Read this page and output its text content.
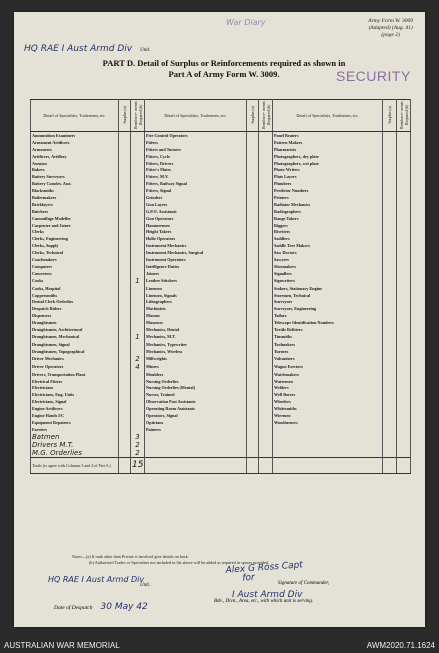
War Diary	Army Form W. 3009
(Adapted) (Aug. 41)
(page 2)
HQ RAE I Aust Armd Div Unit.
PART D. Detail of Surplus or Reinforcements required as shown in
Part A of Army Form W. 3009.	SECURITY
Detail of Specialists, Tradesmen, etc.	Surplus (a)	Reinforce- ments Required (b)	Detail of Specialists, Tradesmen, etc.	Surplus (a)	Reinforce- ments Required (b)	Detail of Specialists, Tradesmen, etc.	Surplus (a)	Reinforce- ments Required (b)
Ammunition Examiners			Fire Control Operators			Panel Beaters		
Armament Artificers			Fitters			Pattern Makers		
Armourers			Fitters and Turners			Pharmacists		
Artificers, Artillery			Fitters, Cycle			Photographers, dry plate		
Axemen			Fitters, Drivers			Photographers, wet plate		
Bakers			Fitter's Mates			Photo-Writers		
Battery Surveyors			Fitters, M.V.			Plate Layers		
Battery Comdrs. Asst.			Fitters, Railway Signal			Plumbers		
Blacksmiths			Fitters, Signal			Predictor Numbers		
Boilermakers			Grinders			Printers		
Bricklayers			Gun Layers			Radiator Mechanics		
Butchers			G.P.O. Assistants			Radiographers		
Camouflage Modeller			Gun Operators			Range Takers		
Carpenter and Joiner			Hammermen			Riggers		
Clerks			Height Takers			Rivetters		
Clerks, Engineering			Hollo Operators			Saddlers		
Clerks, Supply			Instrument Mechanics			Saddle Tree Makers		
Clerks, Technical			Instrument Mechanics, Surgical			Saw Doctors		
Coachmakers			Instrument Operators			Sawyers		
Computers			Intelligence Duties			Shoemakers		
Concreters			Joiners			Signallers		
Cooks		1	Leather Stitchers			Signwriters		
Cooks, Hospital			Linemen			Stokers, Stationary Engine		
Coppersmiths			Linemen, Signals			Storemen, Technical		
Dental Clerk Orderlies			Lithographers			Surveyors		
Despatch Riders			Machinists			Surveyors, Engineering		
Dispensers			Masons			Tailors		
Draughtsmen			Masseurs			Telescope Identification Numbers		
Draughtsmen, Architectural			Mechanics, Dental			Textile Refitters		
Draughtsmen, Mechanical		1	Mechanics, M.T.			Tinsmiths		
Draughtsmen, Signal			Mechanics, Typewriter			Toolmakers		
Draughtsmen, Topographical			Mechanics, Wireless			Turners		
Driver Mechanics		2	Millwrights			Vulcanisers		
Driver Operators		4	Miners			Wagon Erectors		
Drivers, Transportation Plant			Moulders			Watchmakers		
Electrical Fitters			Nursing Orderlies			Watermen		
Electricians			Nursing Orderlies (Mental)			Welders		
Electricians, Eng. Units			Nurses, Trained			Well Borers		
Electricians, Signal			Observation Post Assistants			Wheelers		
Engine Artificers			Operating Room Assistants			Whitesmiths		
Engine Hands I/C			Operators, Signal			Wiremen		
Equipment Repairers			Opticians			Woodturners		
Farriers			Painters					
Batmen		3						
Drivers M.T.		2						
M.G. Orderlies		2						
Totals (to agree with Columns 3 and 4 of Part A.)		15						
Notes—(a) If rank other than Private is involved give details on back.
(b) Authorized Trades or Specialists not included in list above will be added as required in spaces provided.
HQ RAE I Aust Armd Div
Unit.
Alex G Ross Capt
for	Signature of Commander,
I Aust Armd Div
Date of Despatch 30 May 42
Bde., Divn., Area, etc., with which unit is serving.
AUSTRALIAN WAR MEMORIAL	AWM2020.71.1624
